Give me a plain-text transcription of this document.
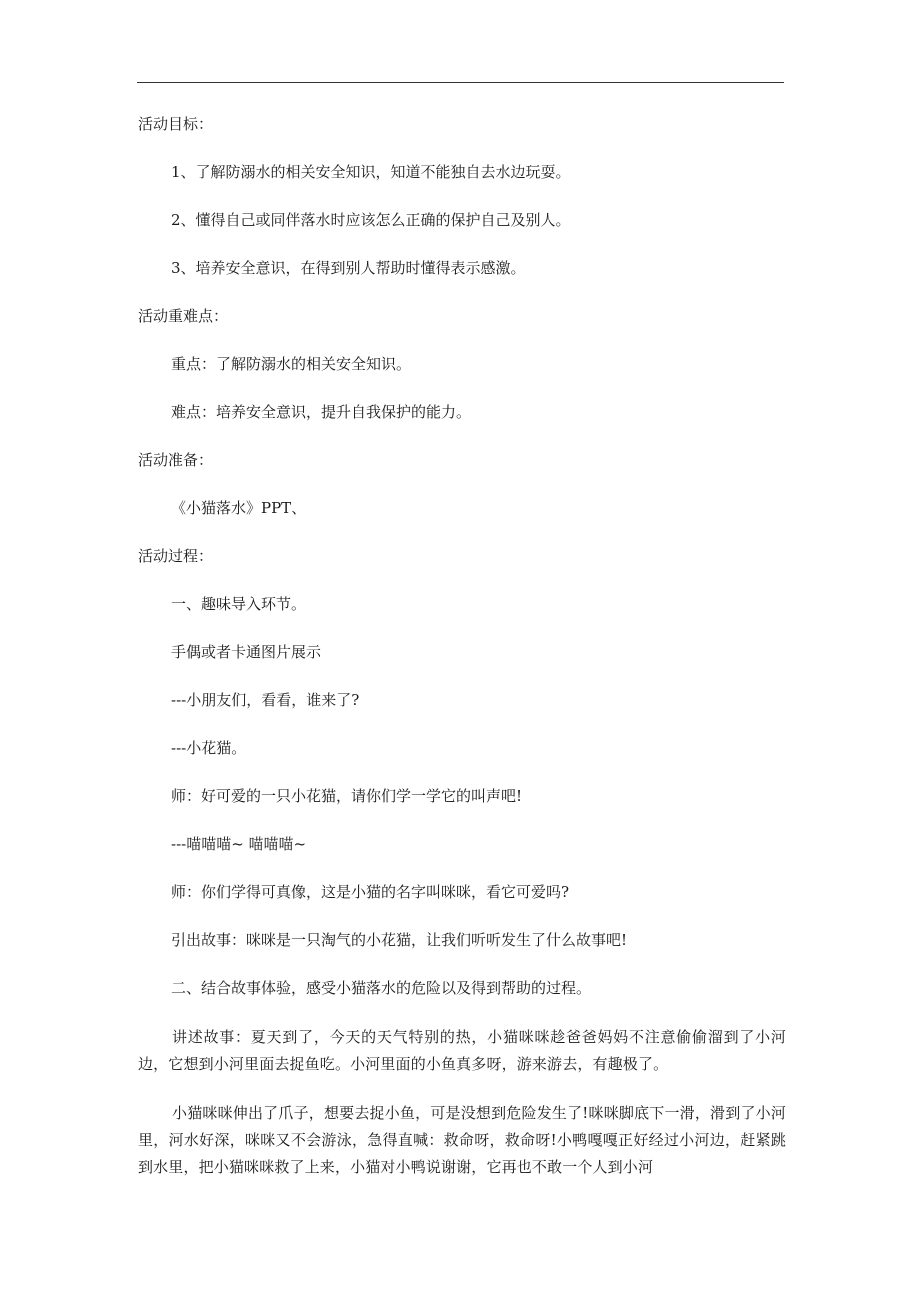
活动目标：
1、了解防溺水的相关安全知识，知道不能独自去水边玩耍。
2、懂得自己或同伴落水时应该怎么正确的保护自己及别人。
3、培养安全意识，在得到别人帮助时懂得表示感激。
活动重难点：
重点：了解防溺水的相关安全知识。
难点：培养安全意识，提升自我保护的能力。
活动准备：
《小猫落水》PPT、
活动过程：
一、趣味导入环节。
手偶或者卡通图片展示
---小朋友们，看看，谁来了?
---小花猫。
师：好可爱的一只小花猫，请你们学一学它的叫声吧!
---喵喵喵~ 喵喵喵~
师：你们学得可真像，这是小猫的名字叫咪咪，看它可爱吗?
引出故事：咪咪是一只淘气的小花猫，让我们听听发生了什么故事吧!
二、结合故事体验，感受小猫落水的危险以及得到帮助的过程。
讲述故事：夏天到了，今天的天气特别的热，小猫咪咪趁爸爸妈妈不注意偷偷溜到了小河边，它想到小河里面去捉鱼吃。小河里面的小鱼真多呀，游来游去，有趣极了。
小猫咪咪伸出了爪子，想要去捉小鱼，可是没想到危险发生了!咪咪脚底下一滑，滑到了小河里，河水好深，咪咪又不会游泳，急得直喊：救命呀，救命呀!小鸭嘎嘎正好经过小河边，赶紧跳到水里，把小猫咪咪救了上来，小猫对小鸭说谢谢，它再也不敢一个人到小河
